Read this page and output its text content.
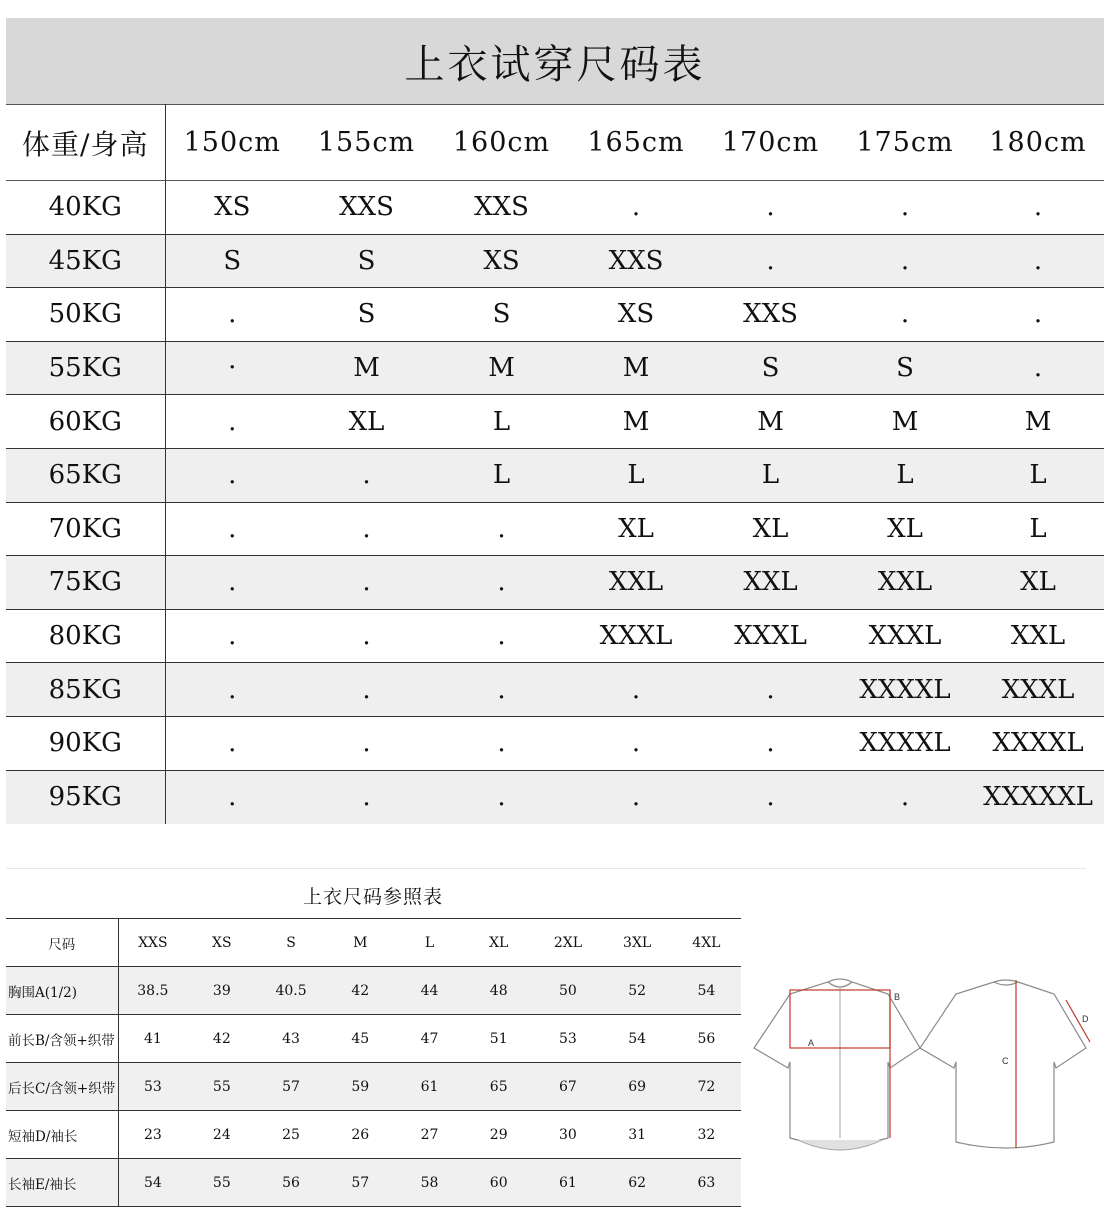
上衣试穿尺码表
体重/身高	150cm	155cm	160cm	165cm	170cm	175cm	180cm
40KG	XS	XXS	XXS	.	.	.	.
45KG	S	S	XS	XXS	.	.	.
50KG	.	S	S	XS	XXS	.	.
55KG	·	M	M	M	S	S	.
60KG	.	XL	L	M	M	M	M
65KG	.	.	L	L	L	L	L
70KG	.	.	.	XL	XL	XL	L
75KG	.	.	.	XXL	XXL	XXL	XL
80KG	.	.	.	XXXL	XXXL	XXXL	XXL
85KG	.	.	.	.	.	XXXXL	XXXL
90KG	.	.	.	.	.	XXXXL	XXXXL
95KG	.	.	.	.	.	.	XXXXXL
上衣尺码参照表
尺码	XXS	XS	S	M	L	XL	2XL	3XL	4XL
胸围A(1/2)	38.5	39	40.5	42	44	48	50	52	54
前长B/含领+织带	41	42	43	45	47	51	53	54	56
后长C/含领+织带	53	55	57	59	61	65	67	69	72
短袖D/袖长	23	24	25	26	27	29	30	31	32
长袖E/袖长	54	55	56	57	58	60	61	62	63
A
B
C
D
